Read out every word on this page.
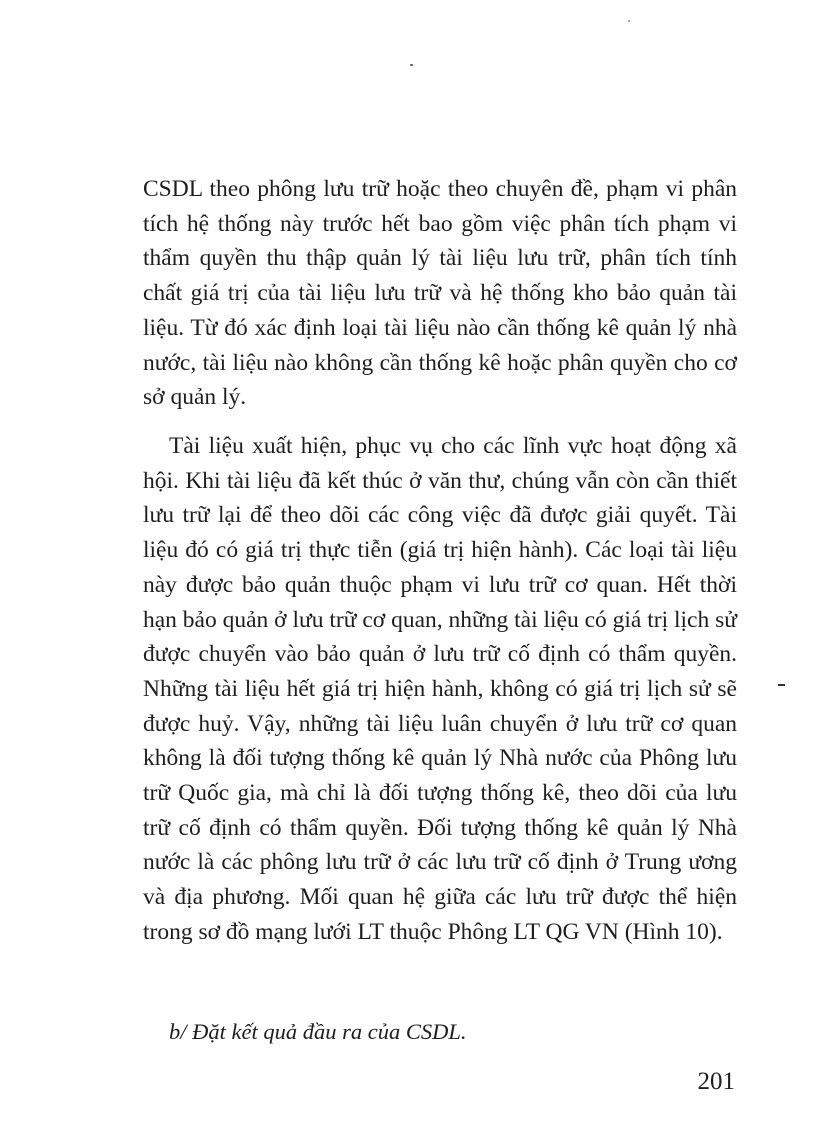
CSDL theo phông lưu trữ hoặc theo chuyên đề, phạm vi phân tích hệ thống này trước hết bao gồm việc phân tích phạm vi thẩm quyền thu thập quản lý tài liệu lưu trữ, phân tích tính chất giá trị của tài liệu lưu trữ và hệ thống kho bảo quản tài liệu. Từ đó xác định loại tài liệu nào cần thống kê quản lý nhà nước, tài liệu nào không cần thống kê hoặc phân quyền cho cơ sở quản lý.

Tài liệu xuất hiện, phục vụ cho các lĩnh vực hoạt động xã hội. Khi tài liệu đã kết thúc ở văn thư, chúng vẫn còn cần thiết lưu trữ lại để theo dõi các công việc đã được giải quyết. Tài liệu đó có giá trị thực tiễn (giá trị hiện hành). Các loại tài liệu này được bảo quản thuộc phạm vi lưu trữ cơ quan. Hết thời hạn bảo quản ở lưu trữ cơ quan, những tài liệu có giá trị lịch sử được chuyển vào bảo quản ở lưu trữ cố định có thẩm quyền. Những tài liệu hết giá trị hiện hành, không có giá trị lịch sử sẽ được huỷ. Vậy, những tài liệu luân chuyển ở lưu trữ cơ quan không là đối tượng thống kê quản lý Nhà nước của Phông lưu trữ Quốc gia, mà chỉ là đối tượng thống kê, theo dõi của lưu trữ cố định có thẩm quyền. Đối tượng thống kê quản lý Nhà nước là các phông lưu trữ ở các lưu trữ cố định ở Trung ương và địa phương. Mối quan hệ giữa các lưu trữ được thể hiện trong sơ đồ mạng lưới LT thuộc Phông LT QG VN (Hình 10).

b/ Đặt kết quả đầu ra của CSDL.

201
